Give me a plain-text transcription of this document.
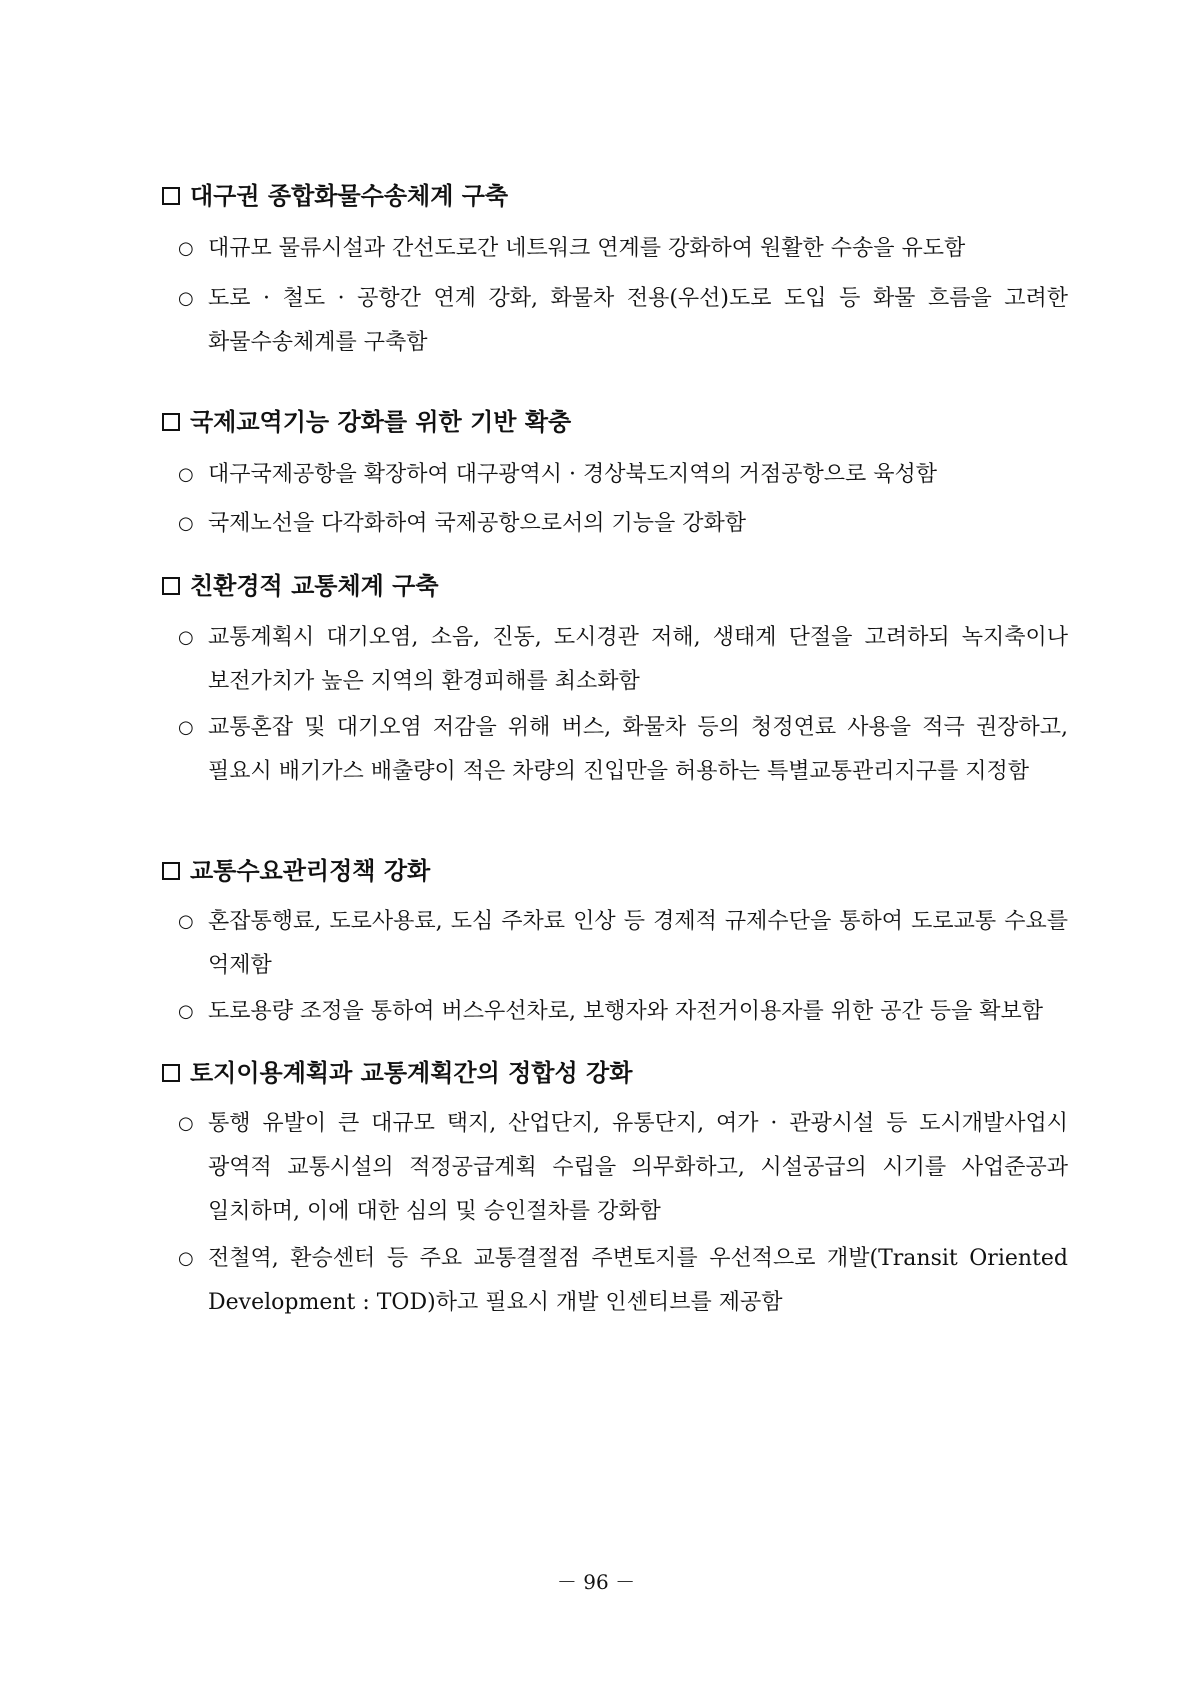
대구권 종합화물수송체계 구축
○ 대규모 물류시설과 간선도로간 네트워크 연계를 강화하여 원활한 수송을 유도함
○ 도로 · 철도 · 공항간 연계 강화, 화물차 전용(우선)도로 도입 등 화물 흐름을 고려한 화물수송체계를 구축함
국제교역기능 강화를 위한 기반 확충
○ 대구국제공항을 확장하여 대구광역시 · 경상북도지역의 거점공항으로 육성함
○ 국제노선을 다각화하여 국제공항으로서의 기능을 강화함
친환경적 교통체계 구축
○ 교통계획시 대기오염, 소음, 진동, 도시경관 저해, 생태계 단절을 고려하되 녹지축이나 보전가치가 높은 지역의 환경피해를 최소화함
○ 교통혼잡 및 대기오염 저감을 위해 버스, 화물차 등의 청정연료 사용을 적극 권장하고, 필요시 배기가스 배출량이 적은 차량의 진입만을 허용하는 특별교통관리지구를 지정함
교통수요관리정책 강화
○ 혼잡통행료, 도로사용료, 도심 주차료 인상 등 경제적 규제수단을 통하여 도로교통 수요를 억제함
○ 도로용량 조정을 통하여 버스우선차로, 보행자와 자전거이용자를 위한 공간 등을 확보함
토지이용계획과 교통계획간의 정합성 강화
○ 통행 유발이 큰 대규모 택지, 산업단지, 유통단지, 여가 · 관광시설 등 도시개발사업시 광역적 교통시설의 적정공급계획 수립을 의무화하고, 시설공급의 시기를 사업준공과 일치하며, 이에 대한 심의 및 승인절차를 강화함
○ 전철역, 환승센터 등 주요 교통결절점 주변토지를 우선적으로 개발(Transit Oriented Development : TOD)하고 필요시 개발 인센티브를 제공함
－ 96 －
